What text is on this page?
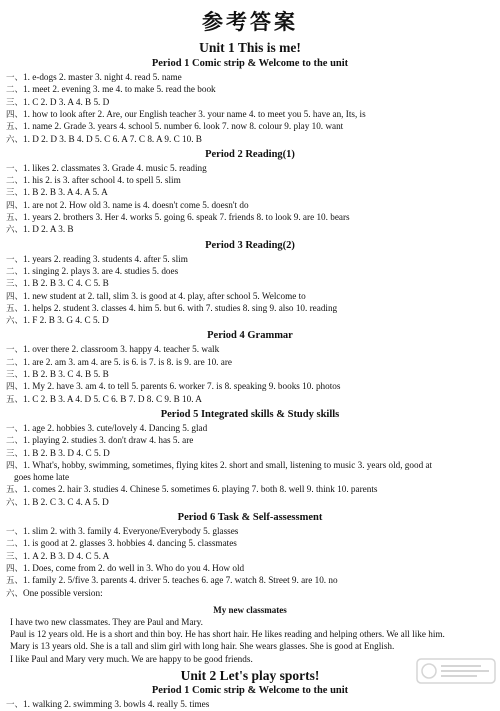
参考答案
Unit 1 This is me!
Period 1 Comic strip & Welcome to the unit
一、1. e-dogs 2. master 3. night 4. read 5. name
二、1. meet 2. evening 3. me 4. to make 5. read the book
三、1. C 2. D 3. A 4. B 5. D
四、1. how to look after 2. Are, our English teacher 3. your name 4. to meet you 5. have an, Its, is
五、1. name 2. Grade 3. years 4. school 5. number 6. look 7. now 8. colour 9. play 10. want
六、1. D 2. D 3. B 4. D 5. C 6. A 7. C 8. A 9. C 10. B
Period 2 Reading(1)
一、1. likes 2. classmates 3. Grade 4. music 5. reading
二、1. his 2. is 3. after school 4. to spell 5. slim
三、1. B 2. B 3. A 4. A 5. A
四、1. are not 2. How old 3. name is 4. doesn't come 5. doesn't do
五、1. years 2. brothers 3. Her 4. works 5. going 6. speak 7. friends 8. to look 9. are 10. bears
六、1. D 2. A 3. B
Period 3 Reading(2)
一、1. years 2. reading 3. students 4. after 5. slim
二、1. singing 2. plays 3. are 4. studies 5. does
三、1. B 2. B 3. C 4. C 5. B
四、1. new student at 2. tall, slim 3. is good at 4. play, after school 5. Welcome to
五、1. helps 2. student 3. classes 4. him 5. but 6. with 7. studies 8. sing 9. also 10. reading
六、1. F 2. B 3. G 4. C 5. D
Period 4 Grammar
一、1. over there 2. classroom 3. happy 4. teacher 5. walk
二、1. are 2. am 3. am 4. are 5. is 6. is 7. is 8. is 9. are 10. are
三、1. B 2. B 3. C 4. B 5. B
四、1. My 2. have 3. am 4. to tell 5. parents 6. worker 7. is 8. speaking 9. books 10. photos
五、1. C 2. B 3. A 4. D 5. C 6. B 7. D 8. C 9. B 10. A
Period 5 Integrated skills & Study skills
一、1. age 2. hobbies 3. cute/lovely 4. Dancing 5. glad
二、1. playing 2. studies 3. don't draw 4. has 5. are
三、1. B 2. B 3. D 4. C 5. D
四、1. What's, hobby, swimming, sometimes, flying kites 2. short and small, listening to music 3. years old, good at
goes home late
五、1. comes 2. hair 3. studies 4. Chinese 5. sometimes 6. playing 7. both 8. well 9. think 10. parents
六、1. B 2. C 3. C 4. A 5. D
Period 6 Task & Self-assessment
一、1. slim 2. with 3. family 4. Everyone/Everybody 5. glasses
二、1. is good at 2. glasses 3. hobbies 4. dancing 5. classmates
三、1. A 2. B 3. D 4. C 5. A
四、1. Does, come from 2. do well in 3. Who do you 4. How old
五、1. family 2. 5/five 3. parents 4. driver 5. teaches 6. age 7. watch 8. Street 9. are 10. no
六、One possible version:
My new classmates
I have two new classmates. They are Paul and Mary.
Paul is 12 years old. He is a short and thin boy. He has short hair. He likes reading and helping others. We all like him.
Mary is 13 years old. She is a tall and slim girl with long hair. She wears glasses. She is good at English.
I like Paul and Mary very much. We are happy to be good friends.
Unit 2 Let's play sports!
Period 1 Comic strip & Welcome to the unit
一、1. walking 2. swimming 3. bowls 4. really 5. times
